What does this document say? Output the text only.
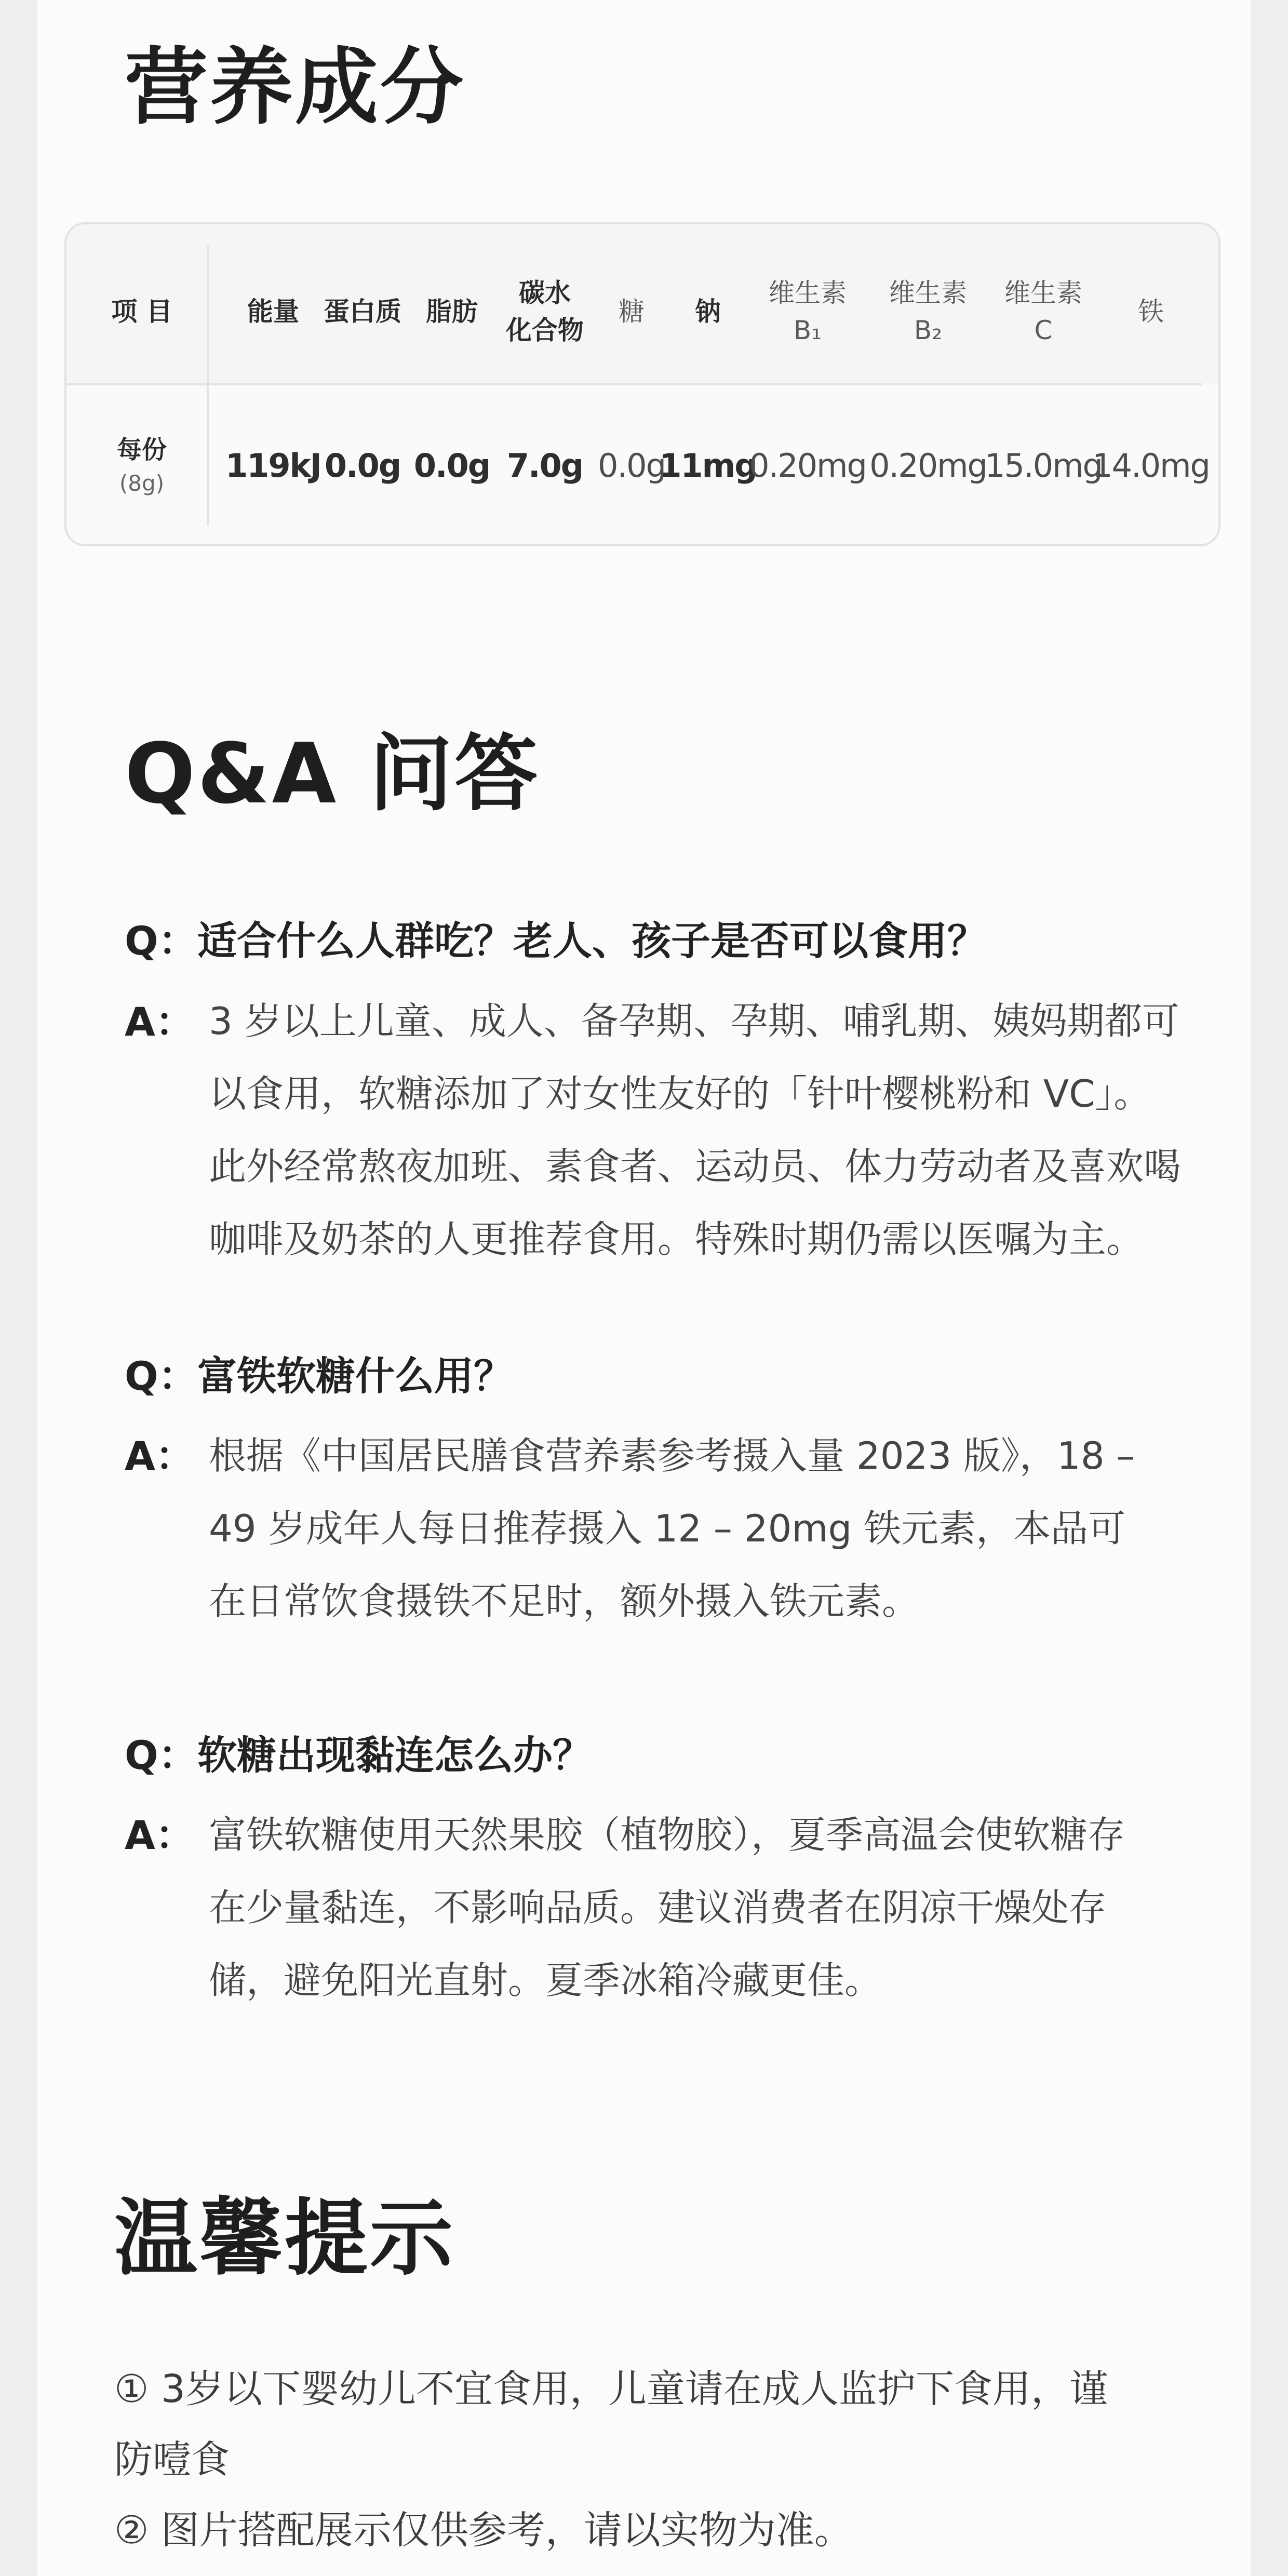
营养成分
项 目	能量 蛋白质 脂肪
碳水
化合物
糖	钠
维生素
B₁
维生素
B₂
维生素
C
铁
每份
(8g) 119kJ 0.0g 0.0g 7.0g 0.0g
11mg
0.20mg 0.20mg
15.0mg
14.0mg
Q&A 问答
Q：适合什么人群吃？老人、孩子是否可以食用？
A： 3 岁以上儿童、成人、备孕期、孕期、哺乳期、姨妈期都可
以食用，软糖添加了对女性友好的「针叶樱桃粉和 VC」。
此外经常熬夜加班、素食者、运动员、体力劳动者及喜欢喝
咖啡及奶茶的人更推荐食用。特殊时期仍需以医嘱为主。

Q：富铁软糖什么用？
A： 根据《中国居民膳食营养素参考摄入量 2023 版》，18 –
49 岁成年人每日推荐摄入 12 – 20mg 铁元素，本品可
在日常饮食摄铁不足时，额外摄入铁元素。

Q：软糖出现黏连怎么办？
A： 富铁软糖使用天然果胶（植物胶），夏季高温会使软糖存
在少量黏连，不影响品质。建议消费者在阴凉干燥处存
储，避免阳光直射。夏季冰箱冷藏更佳。

温馨提示

① 3岁以下婴幼儿不宜食用，儿童请在成人监护下食用，谨
防噎食
② 图片搭配展示仅供参考，请以实物为准。
